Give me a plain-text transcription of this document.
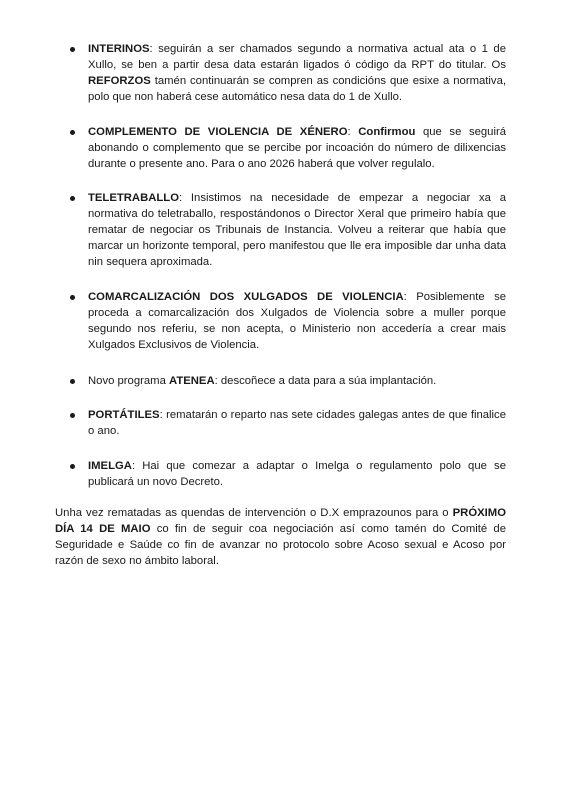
INTERINOS: seguirán a ser chamados segundo a normativa actual ata o 1 de Xullo, se ben a partir desa data estarán ligados ó código da RPT do titular. Os REFORZOS tamén continuarán se compren as condicións que esixe a normativa, polo que non haberá cese automático nesa data do 1 de Xullo.

COMPLEMENTO DE VIOLENCIA DE XÉNERO: Confirmou que se seguirá abonando o complemento que se percibe por incoación do número de dilixencias durante o presente ano. Para o ano 2026 haberá que volver regulalo.

TELETRABALLO: Insistimos na necesidade de empezar a negociar xa a normativa do teletraballo, respostándonos o Director Xeral que primeiro había que rematar de negociar os Tribunais de Instancia. Volveu a reiterar que había que marcar un horizonte temporal, pero manifestou que lle era imposible dar unha data nin sequera aproximada.

COMARCALIZACIÓN DOS XULGADOS DE VIOLENCIA: Posiblemente se proceda a comarcalización dos Xulgados de Violencia sobre a muller porque segundo nos referiu, se non acepta, o Ministerio non accedería a crear mais Xulgados Exclusivos de Violencia.

Novo programa ATENEA: descoñece a data para a súa implantación.

PORTÁTILES: rematarán o reparto nas sete cidades galegas antes de que finalice o ano.

IMELGA: Hai que comezar a adaptar o Imelga o regulamento polo que se publicará un novo Decreto.

Unha vez rematadas as quendas de intervención o D.X emprazounos para o PRÓXIMO DÍA 14 DE MAIO co fin de seguir coa negociación así como tamén do Comité de Seguridade e Saúde co fin de avanzar no protocolo sobre Acoso sexual e Acoso por razón de sexo no ámbito laboral.
